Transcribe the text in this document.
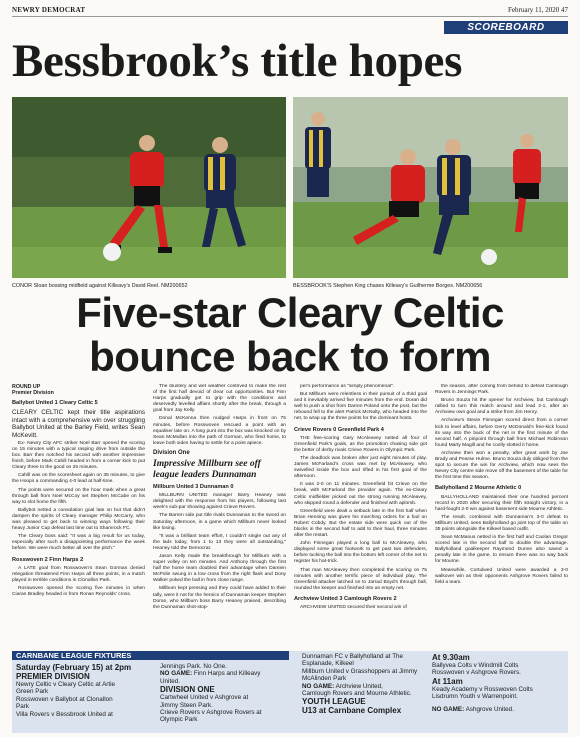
NEWRY DEMOCRAT	February 11, 2020 47
SCOREBOARD
Bessbrook’s title hopes
CONOR Sloan bossing midfield against Killeavy’s David Reel. NM200652	BESSBROOK’S Stephen King chases Killeavy’s Guilherme Borges. NM200656
Five-star Cleary Celtic
bounce back to form

ROUND UP

Premier Division

Ballybot United 1 Cleary Celtic 5

CLEARY CELTIC kept their title aspirations intact with a comprehensive win over struggling Ballybot United at the Barley Field, writes Sean McKevitt.

Ex- Newry City AFC striker Noel Barr opened the scoring on 15 minutes with a typical rasping drive from outside the box. Barr then notched his second with another impressive finish, before Mark Cahill headed in from a corner kick to put Cleary three to the good on 25 minutes.

Cahill was on the scoresheet again on 35 minutes, to give the Hoops a commanding 4-0 lead at half-time.

The points were secured on the hour mark when a great through ball from Noel McCoy set Stephen McCabe on his way to slot home the fifth.

Ballybot netted a consolation goal late on but that didn't dampen the spirits of Cleary manager Philip McCarry, who was pleased to get back to winning ways following their heavy Junior Cup defeat last time out to Shamrock FC.

The Cleary boss said: "It was a big result for us today, especially after such a disappointing performance the week before. We were much better all over the pitch."

Rosswoven 2 Finn Harps 2

A LATE goal from Rosswoven's Sean Gorman denied relegation threatened Finn Harps all three points, in a match played in terrible conditions in Clonallon Park.

Rosswoven opened the scoring five minutes in when Ciaran Bradley headed in from Ronan Reynolds' cross.

The blustery and wet weather contrived to make the rest of the first half devoid of clear cut opportunities. But Finn Harps gradually got to grip with the conditions and deservedly levelled affairs shortly after the break, through a goal from Jay Kelly.

Donal McKenna then nudged Harps in front on 75 minutes, before Rosswoven rescued a point with an equaliser late on. A long punt into the box was knocked on by Sean McMullan into the path of Gorman, who fired home, to leave both sides having to settle for a point apiece.

Division One

Impressive Millburn see off league leaders Dunnaman

Millburn United 3 Dunnaman 0

MILLBURN UNITED manager Barry Heaney was delighted with the response from his players, following last week's sub-par showing against Crieve Rovers.

The Barren side put title rivals Dunnaman to the sword on Saturday afternoon, in a game which Millburn never looked like losing.

"It was a brilliant team effort, I couldn't single out any of the lads today, from 1 to 13 they were all outstanding," Heaney told the Democrat.

Jason Kelly made the breakthrough for Millburn with a super volley on ten minutes. And Anthony through the first half the home team doubled their advantage when Damien McPolin swung in a low cross from the right flank and Dony Walker poked the ball in from close range.

Millburn kept pressing and they could have added to their tally, were it not for the heroics of Dunnaman keeper Stephen Doran, who Millburn boss Barry Heaney praised, describing the Dunnaman shot-stop-

per's performance as "simply phenomenal".

But Millburn were relentless in their pursuit of a third goal and it inevitably arrived five minutes from the end. Doran did well to push a shot from Darren Poland onto the post, but the rebound fell to the alert Patrick McNulty, who headed into the net, to wrap up the three points for the dominant hosts.

Crieve Rovers 0 Greenfield Park 4

THE free-scoring Gary McAleavey netted all four of Greenfield Park's goals, as the promotion chasing side got the better of derby rivals Crieve Rovers in Olympic Park.

The deadlock was broken after just eight minutes of play. James McFarland's cross was met by McAleavey, who swivelled inside the box and rifled in his first goal of the afternoon.

It was 2-0 on 11 minutes. Greenfield hit Crieve on the break, with McFarland the provider again. The ex-Cleary Celtic midfielder picked out the strong running McAleavey, who skipped round a defender and finished with aplomb.

Greenfield were dealt a setback late in the first half when Brian Henning was given his marching orders for a foul on Robert Cobdy. But the estate side were quick out of the blocks in the second half to add to their haul, three minutes after the restart.

John Finnegan played a long ball to McAleavey, who displayed some great footwork to get past two defenders, before tucking the ball into the bottom left corner of the net to register his hat-trick.

That man McAleavey then completed the scoring on 75 minutes with another terrific piece of individual play. The Greenfield attacker latched on to Jarrad Boyd's through ball, rounded the keeper and finished into an empty net.

Archview United 3 Camlough Rovers 2

ARCHVIEW UNITED secured their second win of

the season, after coming from behind to defeat Camlough Rovers in Jennings Park.

Bruno Souza hit the opener for Archview, but Camlough rallied to turn this match around and lead 2-1, after an Archview own goal and a strike from Jim Henry.

Archview's Stevie Finnegan scored direct from a corner kick to level affairs, before Gerry McDonald's free-kick found its way into the back of the net in the first minute of the second half. A pinpoint through ball from Michael Robinson found Marty Magill and he coolly slotted it home.

Archview then won a penalty, after great work by Joe Brady and Pearse Hulme. Bruno Souza duly obliged from the spot to secure the win for Archview, which now sees the Newry City centre side move off the basement of the table for the first time this season.

Ballyholland 2 Mourne Athletic 0

BALLYHOLLAND maintained their one hundred percent record in 2020 after securing their fifth straight victory, in a hard-fought 2-0 win against basement side Mourne Athletic.

The result, combined with Dunnaman's 3-0 defeat to Millburn United, sees Ballyholland go joint top of the table on 35 points alongside the Kilkeel based outfit.

Sean McManus netted in the first half and Caolan Gregor scored late in the second half to double the advantage. Ballyholland goalkeeper Raymond Dunne also saved a penalty late in the game, to ensure there was no way back for Mourne.

Meanwhile, Cortulwed United were awarded a 3-0 walkover win as their opponents Ashgrove Rovers failed to field a team.

CARNBANE LEAGUE FIXTURES
Saturday (February 15) at 2pm
PREMIER DIVISION
Newry Celtic v Cleary Celtic at Artie
Green Park
Rosswoven v Ballybot at Clonallon
Park
Villa Rovers v Bessbrook United at
Jennings Park. No One.
NO GAME: Finn Harps and Killeavy
United.
DIVISION ONE
Cartwheel United v Ashgrove at
Jimmy Steen Park.
Crieve Rovers v Ashgrove Rovers at
Olympic Park
Dunnaman FC v Ballyholland at The
Esplanade, Kilkeel
Millburn United v Grasshoppers at Jimmy
McAlinden Park
NO GAME: Archview United,
Camlough Rovers and Mourne Athletic.
YOUTH LEAGUE
U13 at Carnbane Complex
At 9.30am
Ballyvea Colts v Windmill Colts
Rosswoven v Ashgrove Rovers.
At 11am
Keady Academy v Rosswoven Colts
Lisdrumn Youth v Warrenpoint.
NO GAME: Ashgrove United.
